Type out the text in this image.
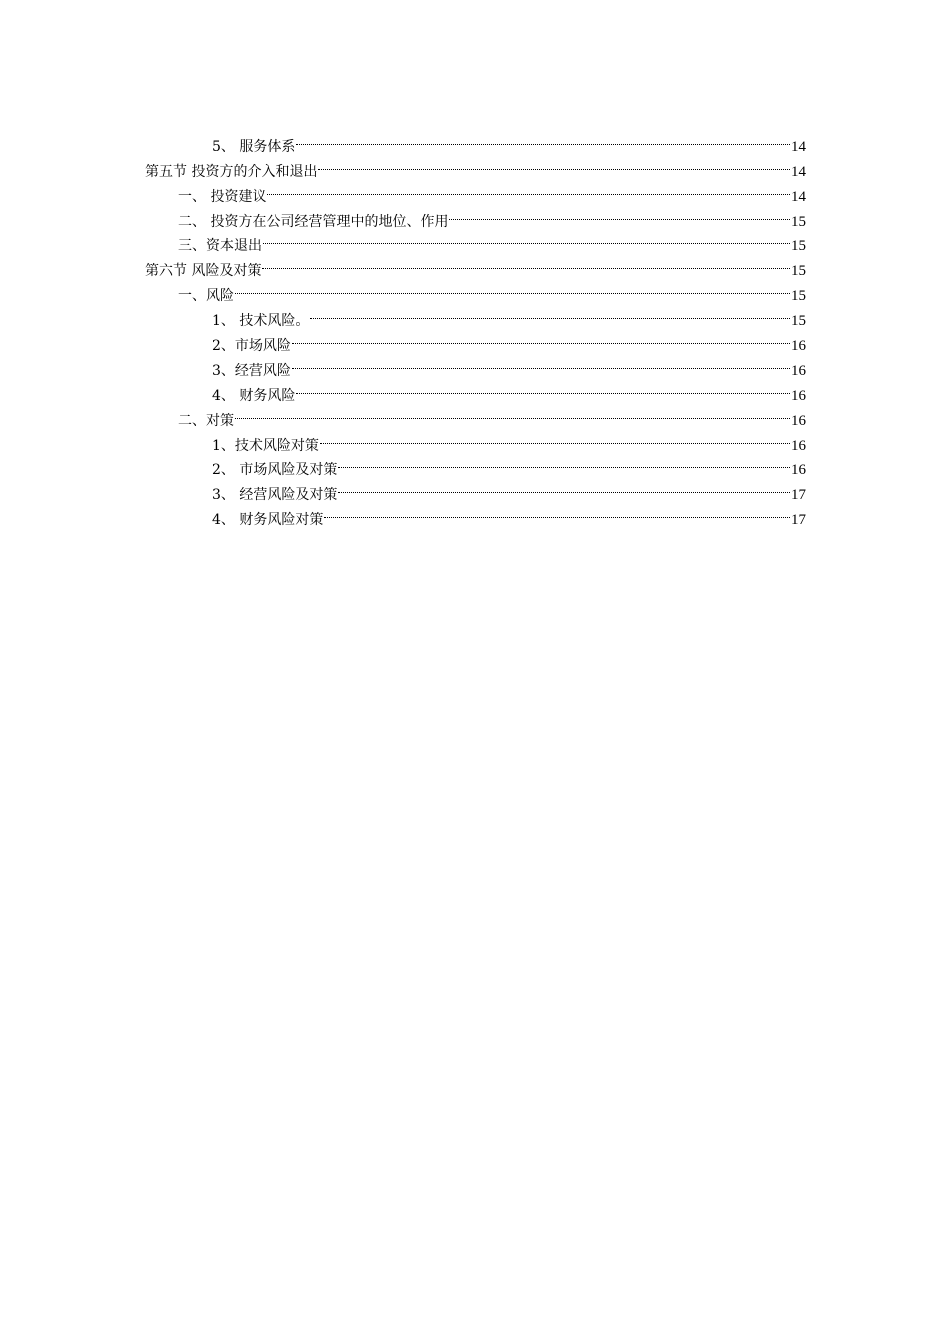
5、 服务体系	14
第五节 投资方的介入和退出	14
一、 投资建议	14
二、 投资方在公司经营管理中的地位、作用	15
三、资本退出	15
第六节 风险及对策	15
一、风险	15
1、 技术风险。	15
2、市场风险	16
3、经营风险	16
4、 财务风险	16
二、对策	16
1、技术风险对策	16
2、 市场风险及对策	16
3、 经营风险及对策	17
4、 财务风险对策	17
